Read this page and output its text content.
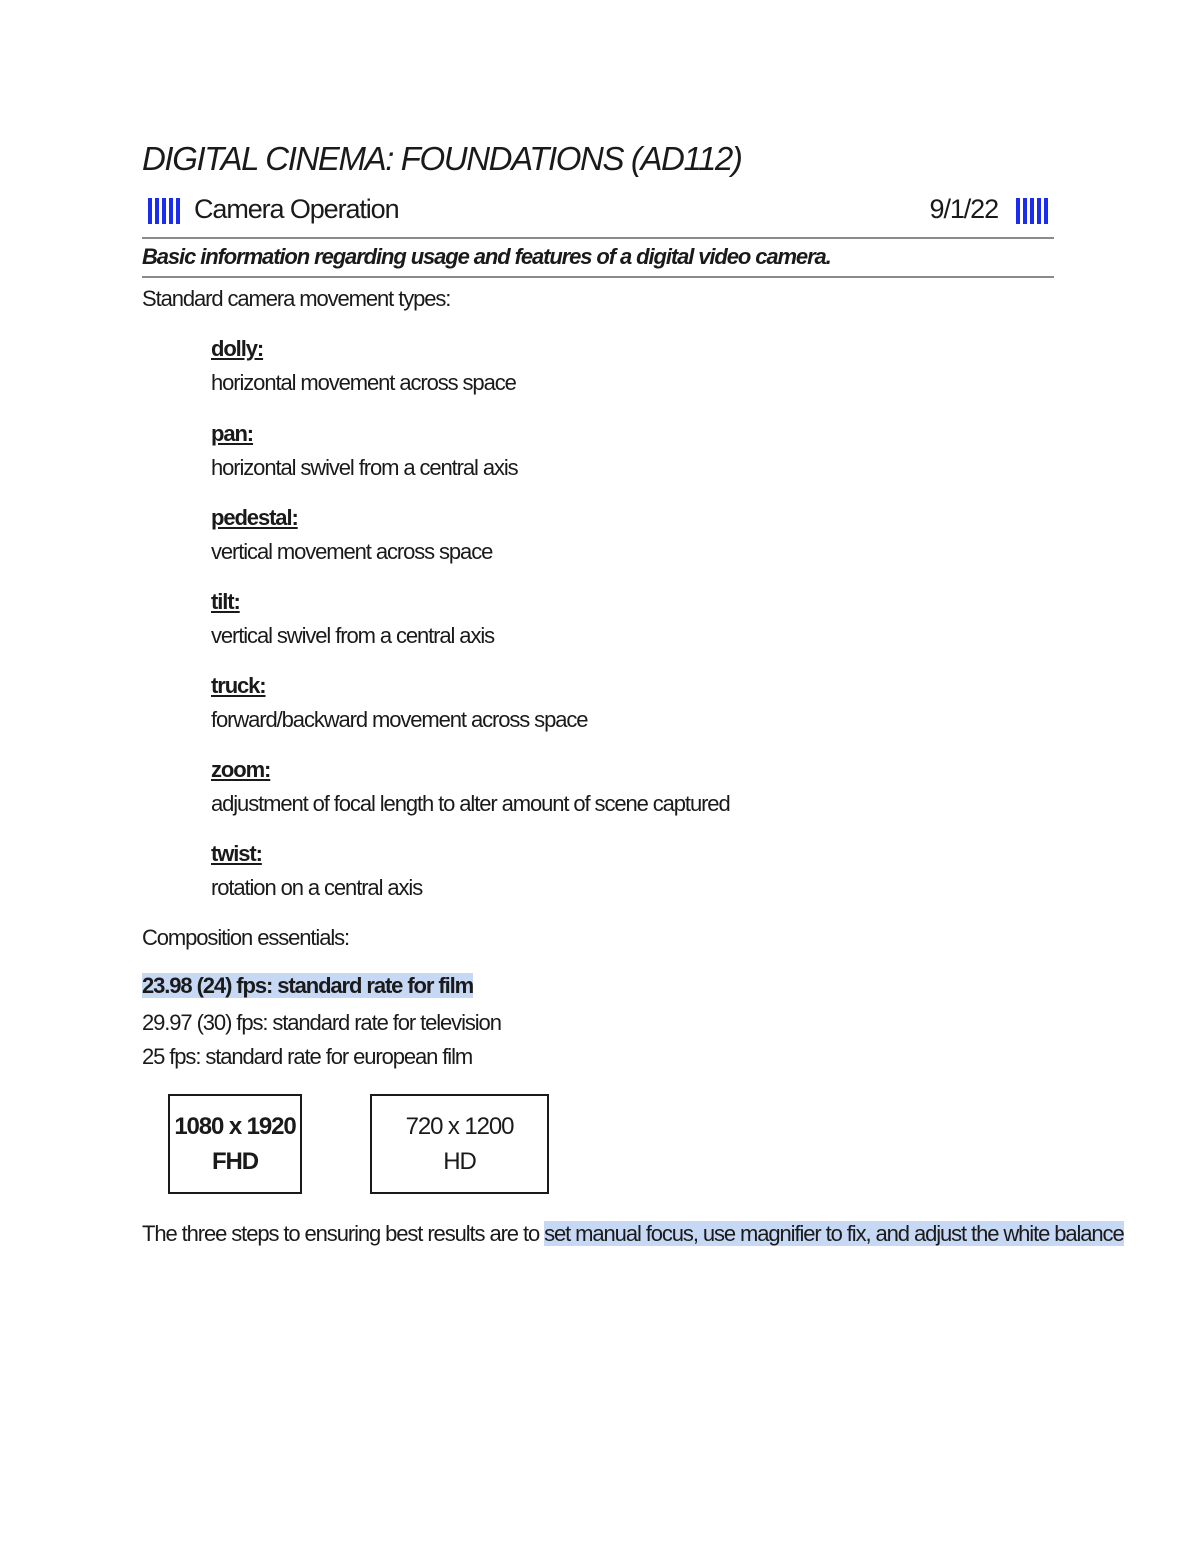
DIGITAL CINEMA: FOUNDATIONS (AD112)
Camera Operation	9/1/22
Basic information regarding usage and features of a digital video camera.
Standard camera movement types:
dolly:
horizontal movement across space
pan:
horizontal swivel from a central axis
pedestal:
vertical movement across space
tilt:
vertical swivel from a central axis
truck:
forward/backward movement across space
zoom:
adjustment of focal length to alter amount of scene captured
twist:
rotation on a central axis
Composition essentials:
23.98 (24) fps: standard rate for film
29.97 (30) fps: standard rate for television
25 fps: standard rate for european film
1080 x 1920
FHD
720 x 1200
HD
The three steps to ensuring best results are to set manual focus, use magnifier to fix, and adjust the white balance
